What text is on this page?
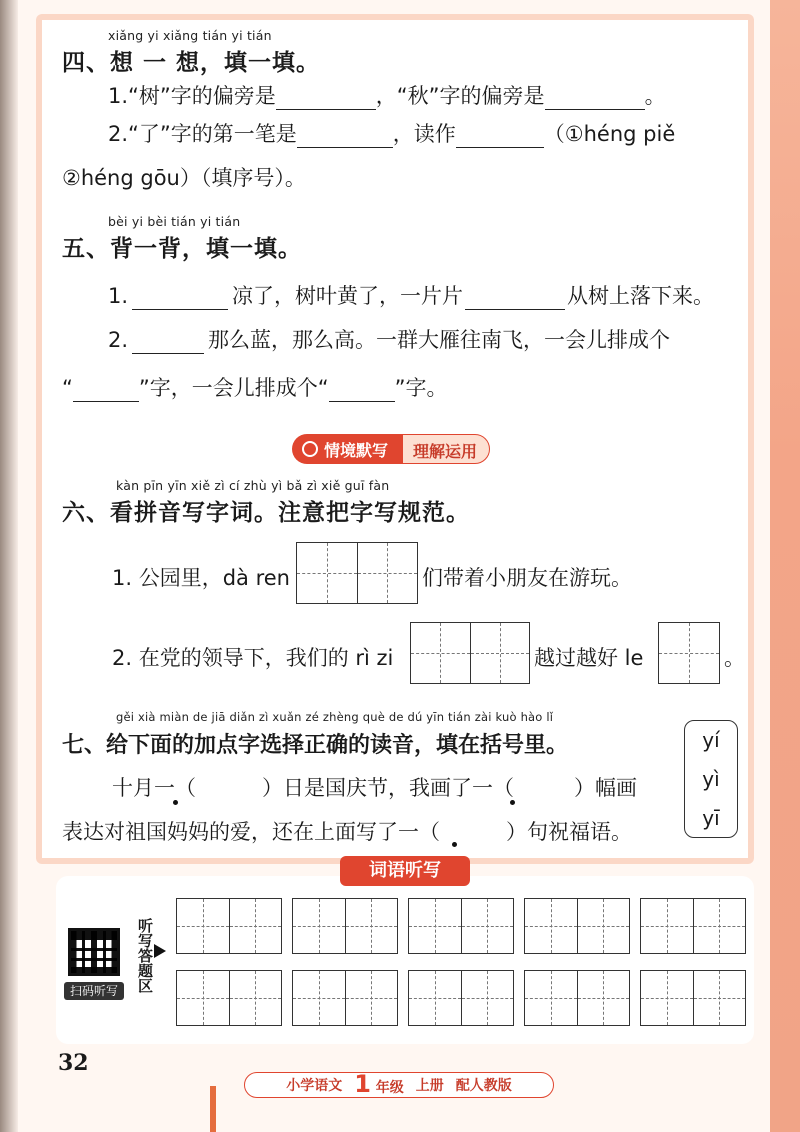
xiǎng yi xiǎng tián yi tián
四、想 一 想，填一填。
1.“树”字的偏旁是	，“秋”字的偏旁是	。
2.“了”字的第一笔是	，读作	（①héng piě
②héng gōu）（填序号）。
bèi yi bèi tián yi tián
五、背一背，填一填。
1.	凉了，树叶黄了，一片片	从树上落下来。
2.	那么蓝，那么高。一群大雁往南飞，一会儿排成个
“	”字，一会儿排成个“	”字。
情境默写	理解运用
kàn pīn yīn xiě zì cí zhù yì bǎ zì xiě guī fàn
六、看拼音写字词。注意把字写规范。
1. 公园里，dà ren	们带着小朋友在游玩。
2. 在党的领导下，我们的 rì zi	越过越好 le	。
gěi xià miàn de jiā diǎn zì xuǎn zé zhèng què de dú yīn tián zài kuò hào lǐ
七、给下面的加点字选择正确的读音，填在括号里。
十月一（	）日是国庆节，我画了一（	）幅画
表达对祖国妈妈的爱，还在上面写了一（	）句祝福语。
yí
yì
yī
词语听写
扫码听写	听写答题区
32
小学语文 1 年级 上册 配人教版
